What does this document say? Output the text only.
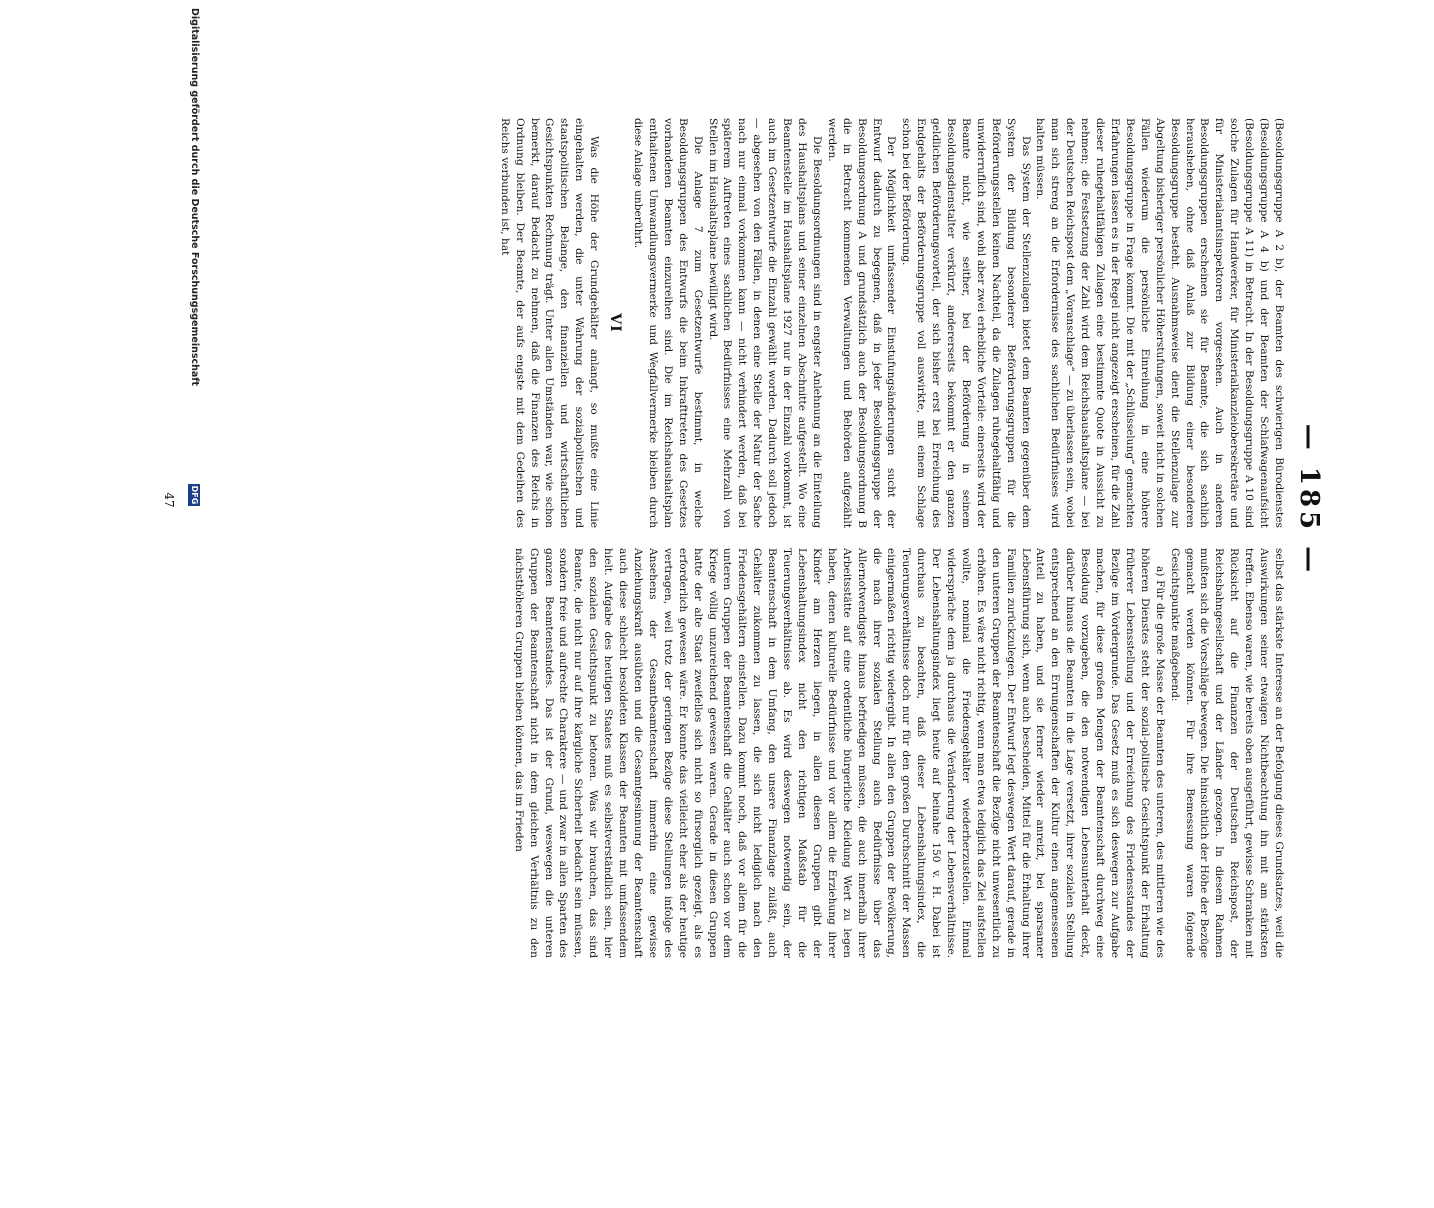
— 185 —

(Besoldungsgruppe A 2 b), der Beamten des schwierigen Bürodienstes (Besoldungsgruppe A 4 b) und der Beamten der Schlafwagenaufsicht (Besoldungsgruppe A 11) in Betracht. In der Besoldungsgruppe A 10 sind solche Zulagen für Handwerker, für Ministerialkanzleiobersekretäre und für Ministerialamtsinspektoren vorgesehen. Auch in anderen Besoldungsgruppen erscheinen sie für Beamte, die sich sachlich herausheben, ohne daß Anlaß zur Bildung einer besonderen Besoldungsgruppe besteht. Ausnahmsweise dient die Stellenzulage zur Abgeltung bisheriger persönlicher Höherstufungen, soweit nicht in solchen Fällen wiederum die persönliche Einreihung in eine höhere Besoldungsgruppe in Frage kommt. Die mit der „Schlüsselung“ gemachten Erfahrungen lassen es in der Regel nicht angezeigt erscheinen, für die Zahl dieser ruhegehaltfähigen Zulagen eine bestimmte Quote in Aussicht zu nehmen; die Festsetzung der Zahl wird dem Reichshaushaltsplane — bei der Deutschen Reichspost dem „Voranschlage“ — zu überlassen sein, wobei man sich streng an die Erfordernisse des sachlichen Bedürfnisses wird halten müssen.

Das System der Stellenzulagen bietet dem Beamten gegenüber dem System der Bildung besonderer Beförderungsgruppen für die Beförderungsstellen keinen Nachteil, da die Zulagen ruhegehaltfähig und unwiderruflich sind, wohl aber zwei erhebliche Vorteile: einerseits wird der Beamte nicht, wie seither, bei der Beförderung in seinem Besoldungsdienstalter verkürzt, andererseits bekommt er den ganzen geldlichen Beförderungsvorteil, der sich bisher erst bei Erreichung des Endgehalts der Beförderungsgruppe voll auswirkte, mit einem Schlage schon bei der Beförderung.

Der Möglichkeit umfassender Einstufungsänderungen sucht der Entwurf dadurch zu begegnen, daß in jeder Besoldungsgruppe der Besoldungsordnung A und grundsätzlich auch der Besoldungsordnung B die in Betracht kommenden Verwaltungen und Behörden aufgezählt werden.

Die Besoldungsordnungen sind in engster Anlehnung an die Einteilung des Haushaltsplans und seiner einzelnen Abschnitte aufgestellt. Wo eine Beamtenstelle im Haushaltsplane 1927 nur in der Einzahl vorkommt, ist auch im Gesetzentwurfe die Einzahl gewählt worden. Dadurch soll jedoch — abgesehen von den Fällen, in denen eine Stelle der Natur der Sache nach nur einmal vorkommen kann — nicht verhindert werden, daß bei späterem Auftreten eines sachlichen Bedürfnisses eine Mehrzahl von Stellen im Haushaltsplane bewilligt wird.

Die Anlage 7 zum Gesetzentwurfe bestimmt, in welche Besoldungsgruppen des Entwurfs die beim Inkrafttreten des Gesetzes vorhandenen Beamten einzureihen sind. Die im Reichshaushaltsplan enthaltenen Umwandlungsvermerke und Wegfallvermerke bleiben durch diese Anlage unberührt.

VI

Was die Höhe der Grundgehälter anlangt, so mußte eine Linie eingehalten werden, die unter Wahrung der sozialpolitischen und staatspolitischen Belange, den finanziellen und wirtschaftlichen Gesichtspunkten Rechnung trägt. Unter allen Umständen war, wie schon bemerkt, darauf Bedacht zu nehmen, daß die Finanzen des Reichs in Ordnung bleiben. Der Beamte, der aufs engste mit dem Gedeihen des Reichs verbunden ist, hat

selbst das stärkste Interesse an der Befolgung dieses Grundsatzes, weil die Auswirkungen seiner etwaigen Nichtbeachtung ihn mit am stärksten treffen. Ebenso waren, wie bereits oben ausgeführt, gewisse Schranken mit Rücksicht auf die Finanzen der Deutschen Reichspost, der Reichsbahngesellschaft und der Länder gezogen. In diesem Rahmen mußten sich die Vorschläge bewegen. Die hinsichtlich der Höhe der Bezüge gemacht werden können. Für ihre Bemessung waren folgende Gesichtspunkte maßgebend:

a) Für die große Masse der Beamten des unteren, des mittleren wie des höheren Dienstes steht der sozial-politische Gesichtspunkt der Erhaltung früherer Lebensstellung und der Erreichung des Friedensstandes der Bezüge im Vordergrunde. Das Gesetz muß es sich deswegen zur Aufgabe machen, für diese großen Mengen der Beamtenschaft durchweg eine Besoldung vorzugeben, die den notwendigen Lebensunterhalt deckt, darüber hinaus die Beamten in die Lage versetzt, ihrer sozialen Stellung entsprechend an den Errungenschaften der Kultur einen angemessenen Anteil zu haben, und sie ferner wieder anreizt, bei sparsamer Lebensführung sich, wenn auch bescheiden, Mittel für die Erhaltung ihrer Familien zurückzulegen. Der Entwurf legt deswegen Wert darauf, gerade in den unteren Gruppen der Beamtenschaft die Bezüge nicht unwesentlich zu erhöhen. Es wäre nicht richtig, wenn man etwa lediglich das Ziel aufstellen wollte, nominal die Friedensgehälter wiederherzustellen. Einmal widerspräche dem ja durchaus die Veränderung der Lebensverhältnisse. Der Lebenshaltungsindex liegt heute auf beinahe 150 v. H. Dabei ist durchaus zu beachten, daß dieser Lebenshaltungsindex, die Teuerungsverhältnisse doch nur für den großen Durchschnitt der Massen einigermaßen richtig wiedergibt. In allen den Gruppen der Bevölkerung, die nach ihrer sozialen Stellung auch Bedürfnisse über das Allernotwendigste hinaus befriedigen müssen, die auch innerhalb ihrer Arbeitsstätte auf eine ordentliche bürgerliche Kleidung Wert zu legen haben, denen kulturelle Bedürfnisse und vor allem die Erziehung ihrer Kinder am Herzen liegen, in allen diesen Gruppen gibt der Lebenshaltungsindex nicht den richtigen Maßstab für die Teuerungsverhältnisse ab. Es wird deswegen notwendig sein, der Beamtenschaft in dem Umfang, den unsere Finanzlage zuläßt, auch Gehälter zukommen zu lassen, die sich nicht lediglich nach den Friedensgehältern einstellen. Dazu kommt noch, daß vor allem für die unteren Gruppen der Beamtenschaft die Gehälter auch schon vor dem Kriege völlig unzureichend gewesen waren. Gerade in diesen Gruppen hatte der alte Staat zweifellos sich nicht so fürsorglich gezeigt, als es erforderlich gewesen wäre. Er konnte das vielleicht eher als der heutige vertragen, weil trotz der geringen Bezüge diese Stellungen infolge des Ansehens der Gesamtbeamtenschaft immerhin eine gewisse Anziehungskraft ausübten und die Gesamtgesinnung der Beamtenschaft auch diese schlecht besoldeten Klassen der Beamten mit umfassendem hielt. Aufgabe des heutigen Staates muß es selbstverständlich sein, hier den sozialen Gesichtspunkt zu betonen. Was wir brauchen, das sind Beamte, die nicht nur auf ihre kärgliche Sicherheit bedacht sein müssen, sondern freie und aufrechte Charaktere — und zwar in allen Sparten des ganzen Beamtenstandes. Das ist der Grund, weswegen die unteren Gruppen der Beamtenschaft nicht in dem gleichen Verhältnis zu den nächsthöheren Gruppen bleiben können, das im Frieden

47
Digitalisierung gefördert durch die Deutsche Forschungsgemeinschaft
DFG
